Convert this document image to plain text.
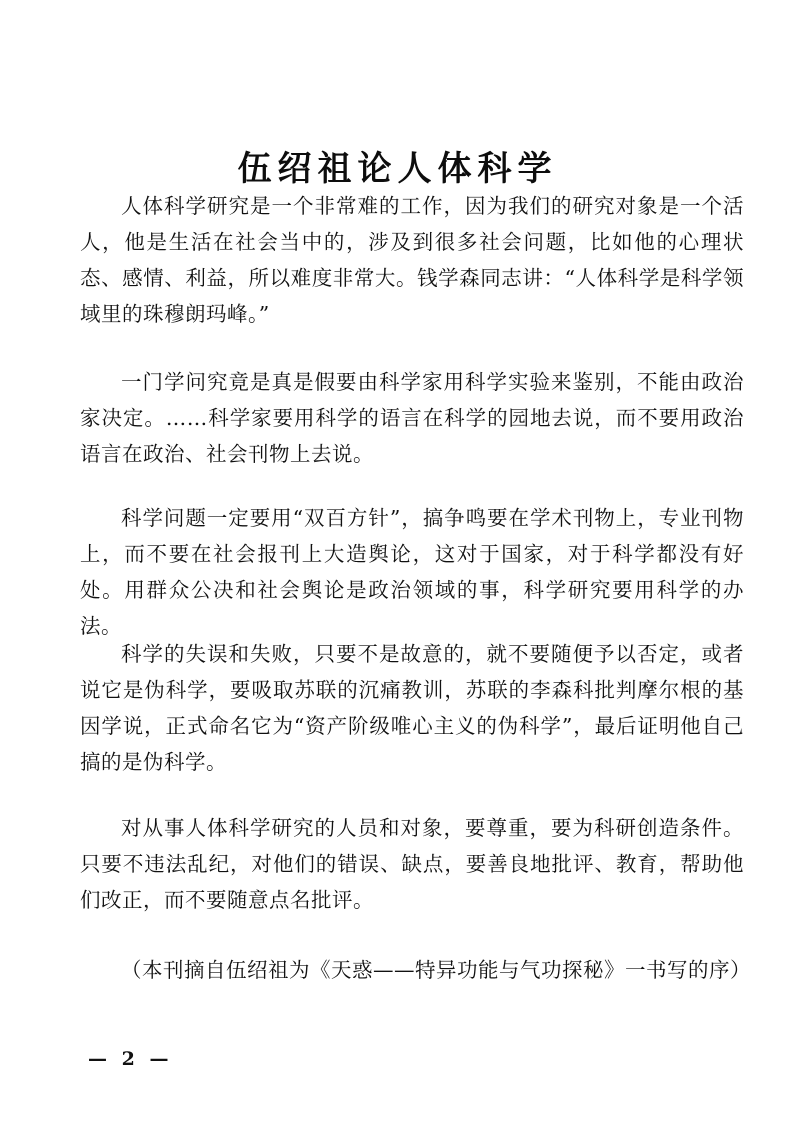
伍绍祖论人体科学

人体科学研究是一个非常难的工作，因为我们的研究对象是一个活人，他是生活在社会当中的，涉及到很多社会问题，比如他的心理状态、感情、利益，所以难度非常大。钱学森同志讲：“人体科学是科学领域里的珠穆朗玛峰。”

一门学问究竟是真是假要由科学家用科学实验来鉴别，不能由政治家决定。……科学家要用科学的语言在科学的园地去说，而不要用政治语言在政治、社会刊物上去说。

科学问题一定要用“双百方针”，搞争鸣要在学术刊物上，专业刊物上，而不要在社会报刊上大造舆论，这对于国家，对于科学都没有好处。用群众公决和社会舆论是政治领域的事，科学研究要用科学的办法。

科学的失误和失败，只要不是故意的，就不要随便予以否定，或者说它是伪科学，要吸取苏联的沉痛教训，苏联的李森科批判摩尔根的基因学说，正式命名它为“资产阶级唯心主义的伪科学”，最后证明他自己搞的是伪科学。

对从事人体科学研究的人员和对象，要尊重，要为科研创造条件。只要不违法乱纪，对他们的错误、缺点，要善良地批评、教育，帮助他们改正，而不要随意点名批评。

（本刊摘自伍绍祖为《天惑——特异功能与气功探秘》一书写的序）

— 2 —
